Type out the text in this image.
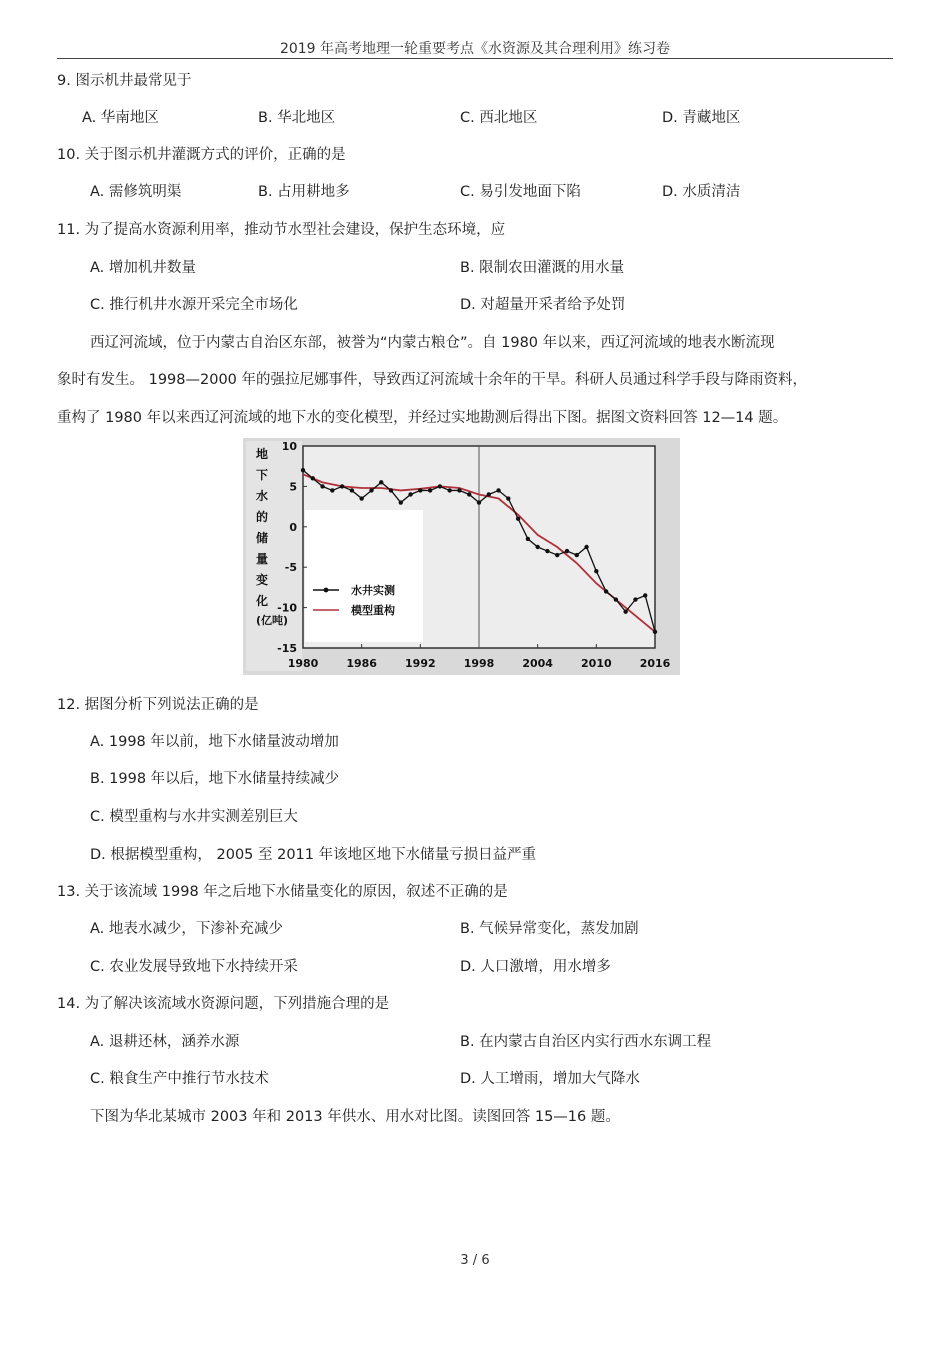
2019 年高考地理一轮重要考点《水资源及其合理利用》练习卷
9. 图示机井最常见于
A. 华南地区	B. 华北地区	C. 西北地区	D. 青藏地区
10. 关于图示机井灌溉方式的评价，正确的是
A. 需修筑明渠	B. 占用耕地多	C. 易引发地面下陷	D. 水质清洁
11. 为了提高水资源利用率，推动节水型社会建设，保护生态环境，应
A. 增加机井数量	B. 限制农田灌溉的用水量
C. 推行机井水源开采完全市场化	D. 对超量开采者给予处罚
西辽河流域，位于内蒙古自治区东部，被誉为“内蒙古粮仓”。自 1980 年以来，西辽河流域的地表水断流现
象时有发生。 1998—2000 年的强拉尼娜事件，导致西辽河流域十余年的干旱。科研人员通过科学手段与降雨资料，
重构了 1980 年以来西辽河流域的地下水的变化模型，并经过实地勘测后得出下图。据图文资料回答 12—14 题。
地
下
水
的
储
量
变
化
(亿吨)
10
5
0
-5
-10
-15
1980	1986	1992	1998	2004	2010	2016
水井实测
模型重构
12. 据图分析下列说法正确的是
A. 1998 年以前，地下水储量波动增加
B. 1998 年以后，地下水储量持续减少
C. 模型重构与水井实测差别巨大
D. 根据模型重构， 2005 至 2011 年该地区地下水储量亏损日益严重
13. 关于该流域 1998 年之后地下水储量变化的原因，叙述不正确的是
A. 地表水减少，下渗补充减少	B. 气候异常变化，蒸发加剧
C. 农业发展导致地下水持续开采	D. 人口激增，用水增多
14. 为了解决该流域水资源问题，下列措施合理的是
A. 退耕还林，涵养水源	B. 在内蒙古自治区内实行西水东调工程
C. 粮食生产中推行节水技术	D. 人工增雨，增加大气降水
下图为华北某城市 2003 年和 2013 年供水、用水对比图。读图回答 15—16 题。
3 / 6
